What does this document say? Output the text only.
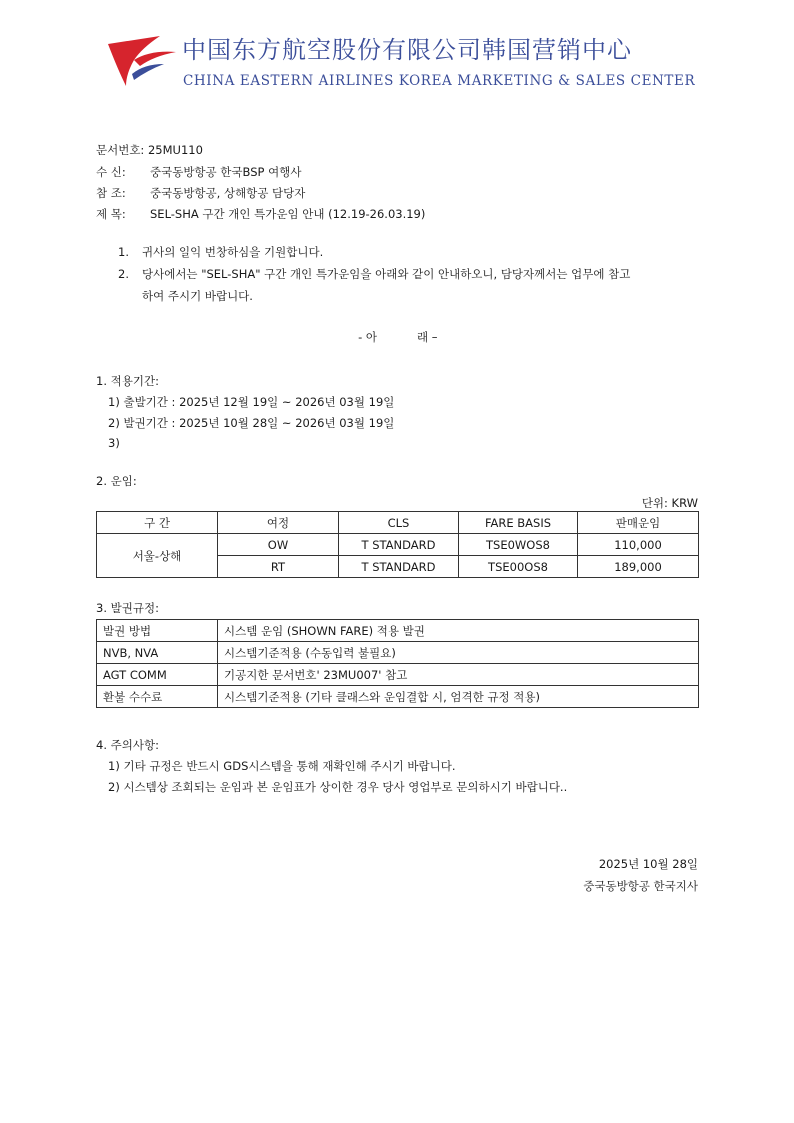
中国东方航空股份有限公司韩国营销中心
CHINA EASTERN AIRLINES KOREA MARKETING & SALES CENTER
문서번호: 25MU110
수 신: 중국동방항공 한국BSP 여행사
참 조: 중국동방항공, 상해항공 담당자
제 목: SEL-SHA 구간 개인 특가운임 안내 (12.19-26.03.19)
1. 귀사의 일익 번창하심을 기원합니다.
2. 당사에서는 "SEL-SHA" 구간 개인 특가운임을 아래와 같이 안내하오니, 담당자께서는 업무에 참고
하여 주시기 바랍니다.
- 아	래 –
1. 적용기간:
1) 출발기간 : 2025년 12월 19일 ~ 2026년 03월 19일
2) 발권기간 : 2025년 10월 28일 ~ 2026년 03월 19일
3)
2. 운임:
단위: KRW
구 간	여정	CLS	FARE BASIS	판매운임
서울-상해	OW	T STANDARD	TSE0WOS8	110,000
	RT	T STANDARD	TSE00OS8	189,000
3. 발권규정:
발권 방법	시스템 운임 (SHOWN FARE) 적용 발권
NVB, NVA	시스템기준적용 (수동입력 불필요)
AGT COMM	기공지한 문서번호' 23MU007' 참고
환불 수수료	시스템기준적용 (기타 클래스와 운임결합 시, 엄격한 규정 적용)
4. 주의사항:
1) 기타 규정은 반드시 GDS시스템을 통해 재확인해 주시기 바랍니다.
2) 시스템상 조회되는 운임과 본 운임표가 상이한 경우 당사 영업부로 문의하시기 바랍니다..
2025년 10월 28일
중국동방항공 한국지사
